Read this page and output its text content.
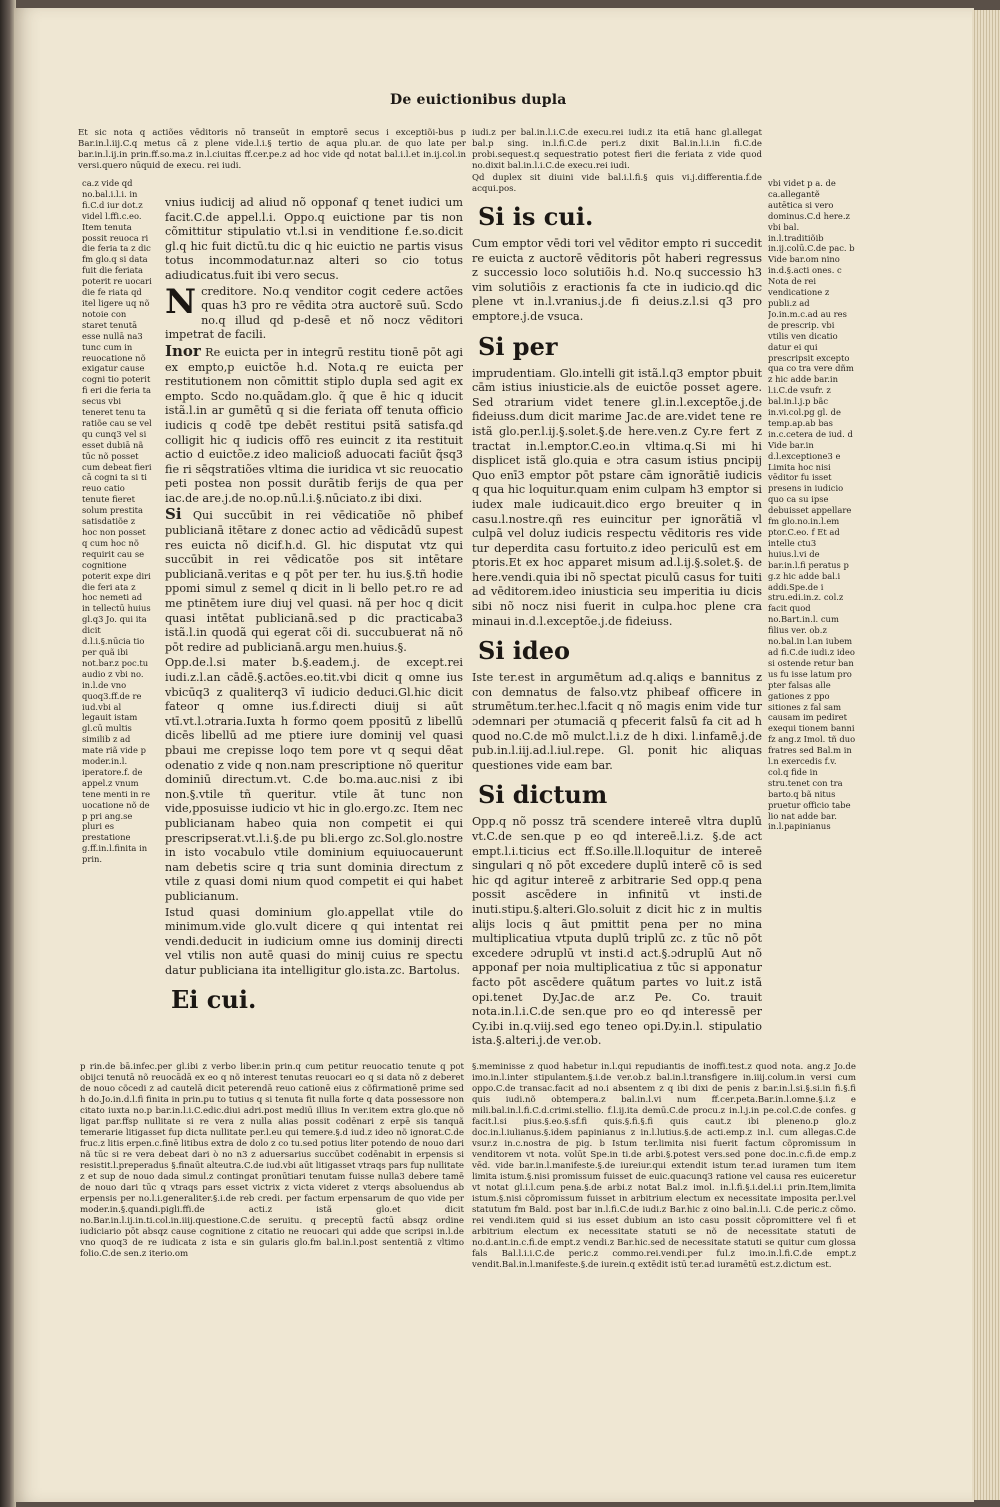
De euictionibus dupla

Et sic nota q actiões vēditoris nō transeūt in emptorē secus i exceptiõi-bus p Bar.in.l.iij.C.q metus cā z plene vide.l.i.§ tertio de aqua plu.ar. de quo late per bar.in.l.ij.in prin.ff.so.ma.z in.l.ciuitas ff.cer.pe.z ad hoc vide qd notat bal.i.l.et in.ij.col.in versi.quero nūquid de execu. rei iudi.

ca.z vide qd no.bal.i.l.i. in fi.C.d iur dot.z videl l.ffi.c.eo. Item tenuta possit reuoca ri die feria ta z dic fm glo.q si data fuit die feriata poterit re uocari die fe riata qd itel ligere uq nõ notoie con staret tenutā esse nullā na3 tunc cum in reuocatione nõ exigatur cause cogni tio poterit fi eri die feria ta secus vbi teneret tenu ta ratiõe cau se vel qu cunq3 vel si esset dubiā nã tūc nõ posset cum debeat fieri cā cogni ta si ti reuo catio tenute fieret solum prestita satisdatiõe z hoc non posset q cum hoc nõ requirit cau se cognitione poterit expe diri die feri ata z hoc nemeti ad in tellectū huius gl.q3 Jo. qui ita dicit d.l.i.§.nūcia tio per quã ibi not.bar.z poc.tu audio z vbi no. in.l.de vno quoq3.ff.de re iud.vbi al legauit istam gl.cū multis similib z ad mate riã vide p moder.in.l. iperatore.f. de appel.z vnum tene menti in re uocatione nõ de p pri ang.se pluri es prestatione g.ff.in.l.finita in prin.

vnius iudicij ad aliud nõ opponaf q tenet iudici um facit.C.de appel.l.i. Oppo.q euictione par tis non cõmittitur stipulatio vt.l.si in venditione f.e.so.dicit gl.q hic fuit dictū.tu dic q hic euictio ne partis visus totus incommodatur.naz alteri so cio totus adiudicatus.fuit ibi vero secus.

Ncreditore. No.q venditor cogit cedere actões quas h3 pro re vēdita ɔtra auctorē suū. Scdo no.q illud qd p-desē et nõ nocz vēditori impetrat de facili.

Inor Re euicta per in integrū restitu tionē pōt agi ex empto,p euictõe h.d. Nota.q re euicta per restitutionem non cōmittit stiplo dupla sed agit ex empto. Scdo no.quãdam.glo. q̃ que ē hic q iducit istã.l.in ar gumētū q si die feriata off tenuta officio iudicis q codē tpe debēt restitui psitã satisfa.qd colligit hic q iudicis offō res euincit z ita restituit actio d euictõe.z ideo malicioß aduocati faciūt q̃sq3 fie ri sēqstratiões vltima die iuridica vt sic reuocatio peti postea non possit durãtib ferijs de qua per iac.de are.j.de no.op.nū.l.i.§.nūciato.z ibi dixi.

Si Qui succūbit in rei vēdicatiõe nõ phibef publicianā itētare z donec actio ad vēdicādū supest res euicta nõ dicif.h.d. Gl. hic disputat vtz qui succūbit in rei vēdicatõe pos sit intētare publicianā.veritas e q pōt per ter. hu ius.§.tñ hodie ppomi simul z semel q dicit in li bello pet.ro re ad me ptinētem iure diuj vel quasi. nã per hoc q dicit quasi intētat publicianā.sed p dic practicaba3 istã.l.in quodã qui egerat cõi di. succubuerat nã nõ pōt redire ad publicianā.argu men.huius.§.

Opp.de.l.si mater b.§.eadem.j. de except.rei iudi.z.l.an cādē.§.actões.eo.tit.vbi dicit q omne ius vbicūq3 z qualiterq3 vī iudicio deduci.Gl.hic dicit fateor q omne ius.f.directi diuij si aūt vtī.vt.l.ɔtraria.Iuxta h formo qoem ppositū z libellū dicēs libellū ad me ptiere iure dominij vel quasi pbaui me crepisse loqo tem pore vt q sequi dēat odenatio z vide q non.nam prescriptione nõ queritur dominiū directum.vt. C.de bo.ma.auc.nisi z ibi non.§.vtile tñ queritur. vtile ãt tunc non vide,pposuisse iudicio vt hic in glo.ergo.zc. Item nec publicianam habeo quia non competit ei qui prescripserat.vt.l.i.§.de pu bli.ergo zc.Sol.glo.nostre in isto vocabulo vtile dominium equiuocauerunt nam debetis scire q tria sunt dominia directum z vtile z quasi domi nium quod competit ei qui habet publicianum.

Istud quasi dominium glo.appellat vtile do minimum.vide glo.vult dicere q qui intentat rei vendi.deducit in iudicium omne ius dominij directi vel vtilis non autē quasi do minij cuius re spectu datur publiciana ita intelligitur glo.ista.zc. Bartolus.

Ei cui.

iudi.z per bal.in.l.i.C.de execu.rei iudi.z ita etiā hanc gl.allegat bal.p sing. in.l.fi.C.de peri.z dixit Bal.in.l.i.in fi.C.de probi.sequest.q sequestratio potest fieri die feriata z vide quod no.dixit bal.in.l.i.C.de execu.rei iudi.

Qd duplex sit diuini vide bal.i.l.fi.§ quis vi.j.differentia.f.de acqui.pos.

Si is cui.

Cum emptor vēdi tori vel vēditor empto ri succedit re euicta z auctorē vēditoris pōt haberi regressus z successio loco solutiõis h.d. No.q successio h3 vim solutiõis z eractionis fa cte in iudicio.qd dic plene vt in.l.vranius.j.de fi deius.z.l.si q3 pro emptore.j.de vsuca.

Si per

imprudentiam. Glo.intelli git istã.l.q3 emptor pbuit cām istius iniusticie.als de euictõe posset agere. Sed ɔtrarium videt tenere gl.in.l.exceptõe.j.de fideiuss.dum dicit marime Jac.de are.videt tene re istã glo.per.l.ij.§.solet.§.de here.ven.z Cy.re fert z tractat in.l.emptor.C.eo.in vltima.q.Si mi hi displicet istã glo.quia e ɔtra casum istius pncipij Quo enī3 emptor pōt pstare cām ignorãtiē iudicis q qua hic loquitur.quam enim culpam h3 emptor si iudex male iudicauit.dico ergo breuiter q in casu.l.nostre.qñ res euincitur per ignorãtiã vl culpã vel doluz iudicis respectu vēditoris res vide tur deperdita casu fortuito.z ideo periculū est em ptoris.Et ex hoc apparet misum ad.l.ij.§.solet.§. de here.vendi.quia ibi nõ spectat piculū casus for tuiti ad vēditorem.ideo iniusticia seu imperitia iu dicis sibi nõ nocz nisi fuerit in culpa.hoc plene cra minaui in.d.l.exceptõe.j.de fideiuss.

Si ideo

Iste ter.est in argumētum ad.q.aliqs e bannitus z con demnatus de falso.vtz phibeaf officere in strumētum.ter.hec.l.facit q nõ magis enim vide tur ɔdemnari per ɔtumaciã q pfecerit falsū fa cit ad h quod no.C.de mõ mulct.l.i.z de h dixi. l.infamē.j.de pub.in.l.iij.ad.l.iul.repe. Gl. ponit hic aliquas questiones vide eam bar.

Si dictum

Opp.q nõ possz trā scendere intereē vltra duplū vt.C.de sen.que p eo qd intereē.l.i.z. §.de act empt.l.i.ticius ect ff.So.ille.ll.loquitur de intereē singulari q nõ pōt excedere duplū interē cō is sed hic qd agitur intereē z arbitrarie Sed opp.q pena possit ascēdere in infinitū vt insti.de inuti.stipu.§.alteri.Glo.soluit z dicit hic z in multis alijs locis q ãut pmittit pena per no mina multiplicatiua vtputa duplū triplū zc. z tūc nõ pōt excedere ɔdruplū vt insti.d act.§.ɔdruplū Aut nõ apponaf per noia multiplicatiua z tūc si apponatur facto pōt ascēdere quãtum partes vo luit.z istã opi.tenet Dy.Jac.de ar.z Pe. Co. trauit nota.in.l.i.C.de sen.que pro eo qd interessē per Cy.ibi in.q.viij.sed ego teneo opi.Dy.in.l. stipulatio ista.§.alteri.j.de ver.ob.

vbi videt p a. de ca.allegantẽ autētica si vero dominus.C.d here.z vbi bal. in.l.traditiõib in.ij.colū.C.de pac. b Vide bar.om nino in.d.§.acti ones. c Nota de rei vendicatione z publi.z ad Jo.in.m.c.ad au res de prescrip. vbi vtilis ven dicatio datur ei qui prescripsit excepto qua co tra vere dñm z hic adde bar.in l.i.C.de vsufr. z bal.in.l.j.p bãc in.vi.col.pg gl. de temp.ap.ab bas in.c.cetera de iud. d Vide bar.in d.l.exceptione3 e Limita hoc nisi vēditor fu isset presens in iudicio quo ca su ipse debuisset appellare fm glo.no.in.l.em ptor.C.eo. f Et ad intelle ctu3 huius.l.vi de bar.in.l.fi peratus p g.z hic adde bal.i addi.Spe.de i stru.edi.in.z. col.z facit quod no.Bart.in.l. cum filius ver. ob.z no.bal.in l.an iubem ad fi.C.de iudi.z ideo si ostende retur ban us fu isse latum pro pter falsas alle gationes z ppo sitiones z fal sam causam im pediret exequi tionem banni fz ang.z Imol. tñ duo fratres sed Bal.m in l.n exercedis f.v. col.q fide in stru.tenet con tra barto.q bã nitus pruetur officio tabe lio nat adde bar. in.l.papinianus

p rin.de bā.infec.per gl.ibi z verbo liber.in prin.q cum petitur reuocatio tenute q pot obijci tenutā nõ reuocādā ex eo q nõ interest tenutas reuocari eo q si data nõ z deberet de nouo cõcedi z ad cautelā dicit peterendā reuo cationē eius z cõfirmationē prime sed h do.Jo.in.d.l.fi finita in prin.pu to tutius q si tenuta fit nulla forte q data possessore non citato iuxta no.p bar.in.l.i.C.edic.diui adri.post mediū illius In ver.item extra glo.que nõ ligat par.ffsp nullitate si re vera z nulla alias possit codēnari z erpē sis tanquã temerarie litigasset fup dicta nullitate per.l.eu qui temere.§.d iud.z ideo nõ ignorat.C.de fruc.z litis erpen.c.finē litibus extra de dolo z co tu.sed potius liter potendo de nouo dari nã tūc si re vera debeat dari ò no n3 z aduersarius succūbet codēnabit in erpensis si resistit.l.preperadus §.finaūt alteutra.C.de iud.vbi aūt litigasset vtraqs pars fup nullitate z et sup de nouo dada simul.z contingat pronūtiari tenutam fuisse nulla3 debere tamē de nouo dari tūc q vtraqs pars esset victrix z victa videret z vterqs absoluendus ab erpensis per no.l.i.generaliter.§.i.de reb credi. per factum erpensarum de quo vide per moder.in.§.quandi.pigli.ffi.de acti.z istã glo.et dicit no.Bar.in.l.ij.in.ti.col.in.iiij.questione.C.de seruitu. q preceptū factū absqz ordine iudiciario pōt absqz cause cognitione z citatio ne reuocari qui adde que scripsi in.l.de vno quoq3 de re iudicata z ista e sin gularis glo.fm bal.in.l.post sententiã z vltimo folio.C.de sen.z iterio.om

§.meminisse z quod habetur in.l.qui repudiantis de inoffi.test.z quod nota. ang.z Jo.de imo.in.l.inter stipulantem.§.i.de ver.ob.z bal.in.l.transfigere in.iiij.colum.in versi cum oppo.C.de transac.facit ad no.i absentem z q ibi dixi de penis z bar.in.l.si.§.si.in fi.§.fi quis iudi.nõ obtempera.z bal.in.l.vi num ff.cer.peta.Bar.in.l.omne.§.i.z e mili.bal.in.l.fi.C.d.crimi.stellio. f.l.ij.ita demū.C.de procu.z in.l.j.in pe.col.C.de confes. g facit.l.si pius.§.eo.§.sf.fi quis.§.fi.§.fi quis caut.z ibi pleneno.p glo.z doc.in.l.iulianus.§.idem papinianus z in.l.lutius.§.de acti.emp.z in.l. cum allegas.C.de vsur.z in.c.nostra de pig. b Istum ter.limita nisi fuerit factum cõpromissum in venditorem vt nota. volūt Spe.in ti.de arbi.§.potest vers.sed pone doc.in.c.fi.de emp.z vēd. vide bar.in.l.manifeste.§.de iureiur.qui extendit istum ter.ad iuramen tum item limita istum.§.nisi promissum fuisset de euic.quacunq3 ratione vel causa res euiceretur vt notat gl.i.l.cum pena.§.de arbi.z notat Bal.z imol. in.l.fi.§.i.del.i.i prin.Item,limita istum.§.nisi cõpromissum fuisset in arbitrium electum ex necessitate imposita per.l.vel statutum fm Bald. post bar in.l.fi.C.de iudi.z Bar.hic z oino bal.in.l.i. C.de peric.z cõmo. rei vendi.item quid si ius esset dubium an isto casu possit cõpromittere vel fi et arbitrium electum ex necessitate statuti se nõ de necessitate statuti de no.d.ant.in.c.fi.de empt.z vendi.z Bar.hic.sed de necessitate statuti se quitur cum glossa fals Bal.l.i.i.C.de peric.z commo.rei.vendi.per ful.z imo.in.l.fi.C.de empt.z vendit.Bal.in.l.manifeste.§.de iurein.q extēdit istū ter.ad iuramētū est.z.dictum est.
